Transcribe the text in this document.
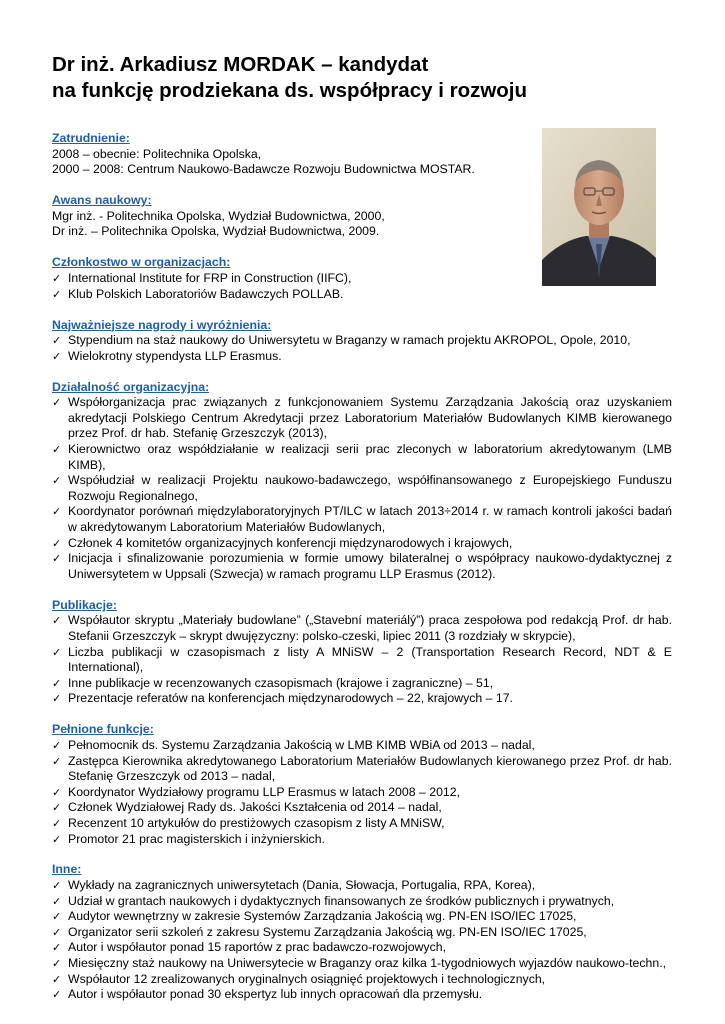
Dr inż. Arkadiusz MORDAK – kandydat
na funkcję prodziekana ds. współpracy i rozwoju
Zatrudnienie:
2008 – obecnie: Politechnika Opolska,
2000 – 2008: Centrum Naukowo-Badawcze Rozwoju Budownictwa MOSTAR.
Awans naukowy:
Mgr inż. - Politechnika Opolska, Wydział Budownictwa, 2000,
Dr inż. – Politechnika Opolska, Wydział Budownictwa, 2009.
Członkostwo w organizacjach:
✓ International Institute for FRP in Construction (IIFC),
✓ Klub Polskich Laboratoriów Badawczych POLLAB.
Najważniejsze nagrody i wyróżnienia:
✓ Stypendium na staż naukowy do Uniwersytetu w Braganzy w ramach projektu AKROPOL, Opole, 2010,
✓ Wielokrotny stypendysta LLP Erasmus.
Działalność organizacyjna:
✓ Współorganizacja prac związanych z funkcjonowaniem Systemu Zarządzania Jakością oraz uzyskaniem akredytacji Polskiego Centrum Akredytacji przez Laboratorium Materiałów Budowlanych KIMB kierowanego przez Prof. dr hab. Stefanię Grzeszczyk (2013),
✓ Kierownictwo oraz współdziałanie w realizacji serii prac zleconych w laboratorium akredytowanym (LMB KIMB),
✓ Współudział w realizacji Projektu naukowo-badawczego, współfinansowanego z Europejskiego Funduszu Rozwoju Regionalnego,
✓ Koordynator porównań międzylaboratoryjnych PT/ILC w latach 2013÷2014 r. w ramach kontroli jakości badań w akredytowanym Laboratorium Materiałów Budowlanych,
✓ Członek 4 komitetów organizacyjnych konferencji międzynarodowych i krajowych,
✓ Inicjacja i sfinalizowanie porozumienia w formie umowy bilateralnej o współpracy naukowo-dydaktycznej z Uniwersytetem w Uppsali (Szwecja) w ramach programu LLP Erasmus (2012).
Publikacje:
✓ Współautor skryptu „Materiały budowlane” („Stavební materiálý”) praca zespołowa pod redakcją Prof. dr hab. Stefanii Grzeszczyk – skrypt dwujęzyczny: polsko-czeski, lipiec 2011 (3 rozdziały w skrypcie),
✓ Liczba publikacji w czasopismach z listy A MNiSW – 2 (Transportation Research Record, NDT & E International),
✓ Inne publikacje w recenzowanych czasopismach (krajowe i zagraniczne) – 51,
✓ Prezentacje referatów na konferencjach międzynarodowych – 22, krajowych – 17.
Pełnione funkcje:
✓ Pełnomocnik ds. Systemu Zarządzania Jakością w LMB KIMB WBiA od 2013 – nadal,
✓ Zastępca Kierownika akredytowanego Laboratorium Materiałów Budowlanych kierowanego przez Prof. dr hab. Stefanię Grzeszczyk od 2013 – nadal,
✓ Koordynator Wydziałowy programu LLP Erasmus w latach 2008 – 2012,
✓ Członek Wydziałowej Rady ds. Jakości Kształcenia od 2014 – nadal,
✓ Recenzent 10 artykułów do prestiżowych czasopism z listy A MNiSW,
✓ Promotor 21 prac magisterskich i inżynierskich.
Inne:
✓ Wykłady na zagranicznych uniwersytetach (Dania, Słowacja, Portugalia, RPA, Korea),
✓ Udział w grantach naukowych i dydaktycznych finansowanych ze środków publicznych i prywatnych,
✓ Audytor wewnętrzny w zakresie Systemów Zarządzania Jakością wg. PN-EN ISO/IEC 17025,
✓ Organizator serii szkoleń z zakresu Systemu Zarządzania Jakością wg. PN-EN ISO/IEC 17025,
✓ Autor i współautor ponad 15 raportów z prac badawczo-rozwojowych,
✓ Miesięczny staż naukowy na Uniwersytecie w Braganzy oraz kilka 1-tygodniowych wyjazdów naukowo-techn.,
✓ Współautor 12 zrealizowanych oryginalnych osiągnięć projektowych i technologicznych,
✓ Autor i współautor ponad 30 ekspertyz lub innych opracowań dla przemysłu.
